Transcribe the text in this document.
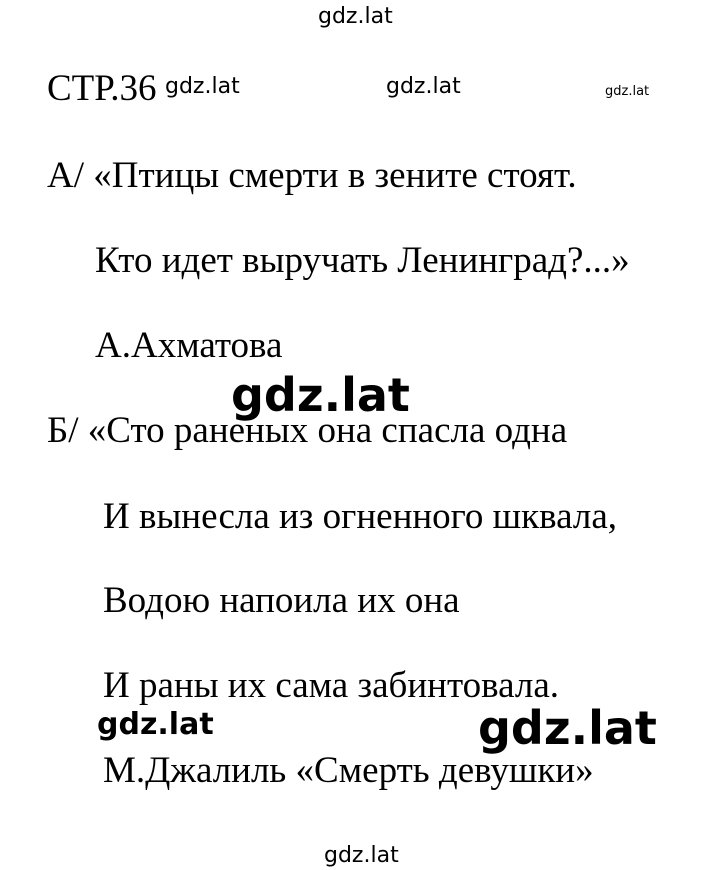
gdz.lat
СТР.36 gdz.lat	gdz.lat	gdz.lat
А/ «Птицы смерти в зените стоят.
Кто идет выручать Ленинград?...»
А.Ахматова
gdz.lat
Б/ «Сто раненых она спасла одна
И вынесла из огненного шквала,
Водою напоила их она
И раны их сама забинтовала.
gdz.lat	gdz.lat
М.Джалиль «Смерть девушки»
gdz.lat
